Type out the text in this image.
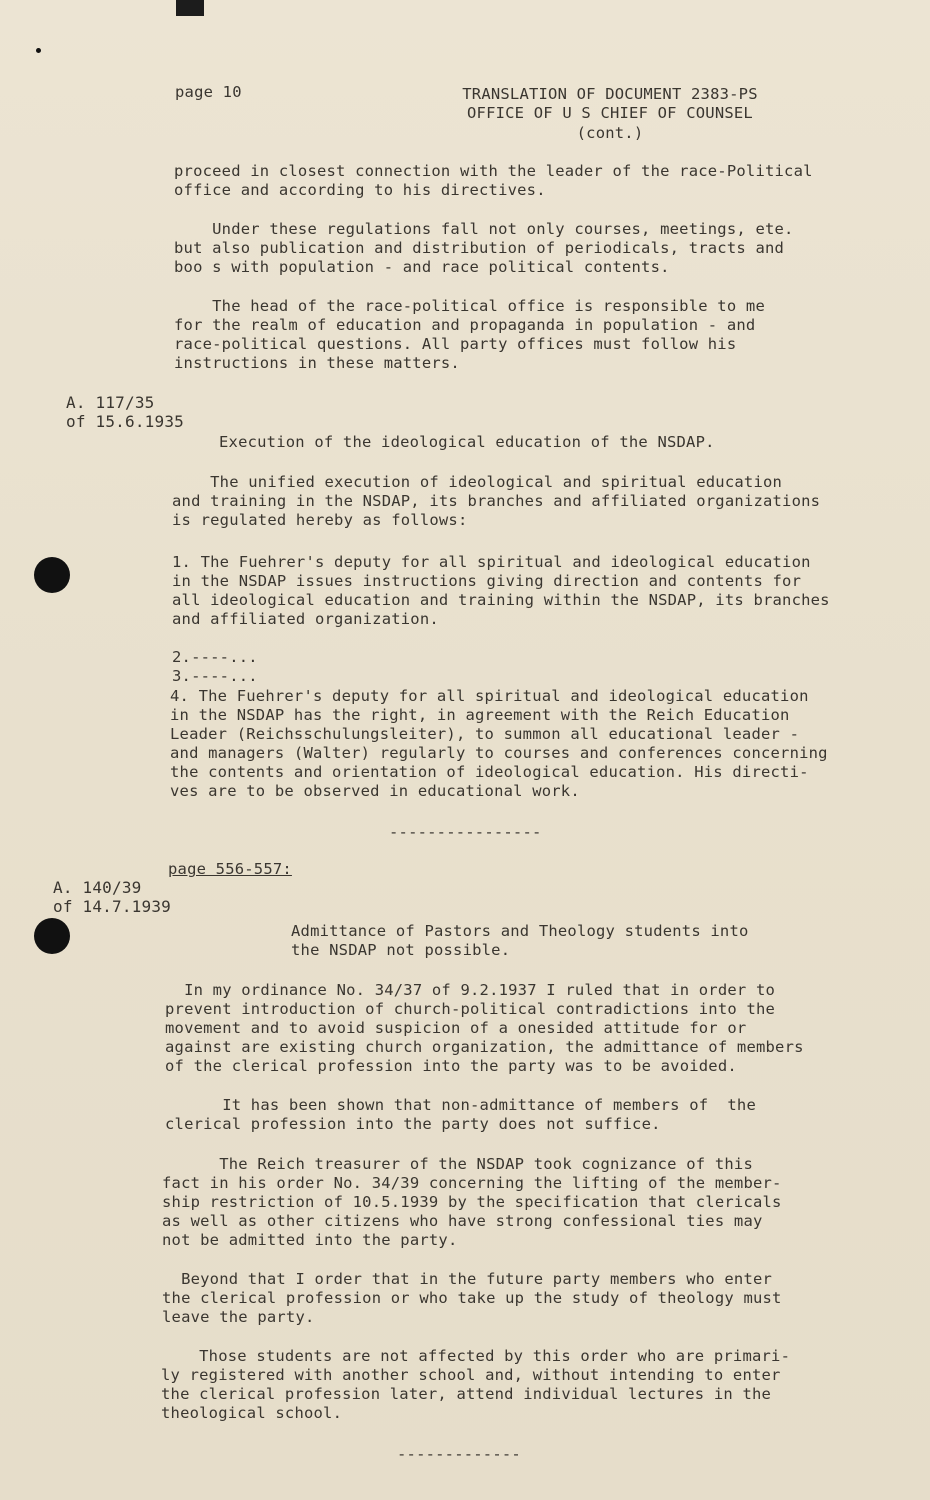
page 10	TRANSLATION OF DOCUMENT 2383-PS
OFFICE OF U S CHIEF OF COUNSEL
(cont.)
proceed in closest connection with the leader of the race-Political
office and according to his directives.
Under these regulations fall not only courses, meetings, ete.
but also publication and distribution of periodicals, tracts and
boo s with population - and race political contents.
The head of the race-political office is responsible to me
for the realm of education and propaganda in population - and
race-political questions. All party offices must follow his
instructions in these matters.
A. 117/35
of 15.6.1935
Execution of the ideological education of the NSDAP.
The unified execution of ideological and spiritual education
and training in the NSDAP, its branches and affiliated organizations
is regulated hereby as follows:
1. The Fuehrer's deputy for all spiritual and ideological education
in the NSDAP issues instructions giving direction and contents for
all ideological education and training within the NSDAP, its branches
and affiliated organization.
2.----...
3.----...
4. The Fuehrer's deputy for all spiritual and ideological education
in the NSDAP has the right, in agreement with the Reich Education
Leader (Reichsschulungsleiter), to summon all educational leader -
and managers (Walter) regularly to courses and conferences concerning
the contents and orientation of ideological education. His directi-
ves are to be observed in educational work.
----------------
page 556-557:
A. 140/39
of 14.7.1939
Admittance of Pastors and Theology students into
the NSDAP not possible.
In my ordinance No. 34/37 of 9.2.1937 I ruled that in order to
prevent introduction of church-political contradictions into the
movement and to avoid suspicion of a onesided attitude for or
against are existing church organization, the admittance of members
of the clerical profession into the party was to be avoided.
It has been shown that non-admittance of members of  the
clerical profession into the party does not suffice.
The Reich treasurer of the NSDAP took cognizance of this
fact in his order No. 34/39 concerning the lifting of the member-
ship restriction of 10.5.1939 by the specification that clericals
as well as other citizens who have strong confessional ties may
not be admitted into the party.
Beyond that I order that in the future party members who enter
the clerical profession or who take up the study of theology must
leave the party.
Those students are not affected by this order who are primari-
ly registered with another school and, without intending to enter
the clerical profession later, attend individual lectures in the
theological school.
-------------
